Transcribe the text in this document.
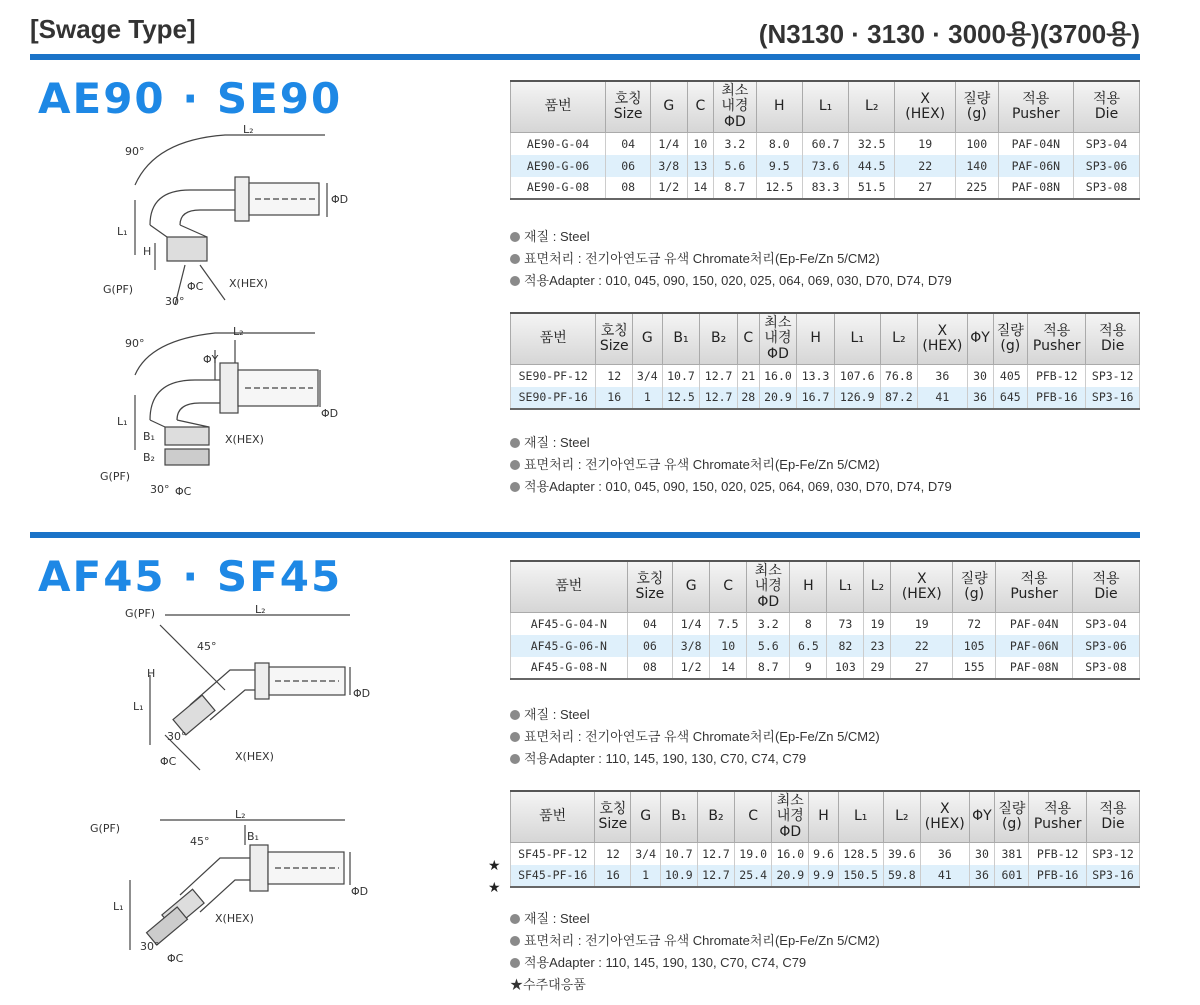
[Swage Type]	(N3130 · 3130 · 3000용)(3700용)
AE90 · SE90
L₂
ΦD
L₁
H
G(PF)	ΦC X(HEX)
90°
30°
품번	호칭
Size	G	C	최소
내경
ΦD	H	L₁	L₂	X
(HEX)	질량
(g)	적용
Pusher	적용
Die
AE90-G-04	04	1/4	10	3.2	8.0	60.7	32.5	19	100	PAF-04N	SP3-04
AE90-G-06	06	3/8	13	5.6	9.5	73.6	44.5	22	140	PAF-06N	SP3-06
AE90-G-08	08	1/2	14	8.7	12.5	83.3	51.5	27	225	PAF-08N	SP3-08
재질 : Steel
표면처리 : 전기아연도금 유색 Chromate처리(Ep-Fe/Zn 5/CM2)
적용Adapter : 010, 045, 090, 150, 020, 025, 064, 069, 030, D70, D74, D79
L₂
ΦY
ΦD
L₁
B₁
B₂
X(HEX)
G(PF)
30° ΦC
90°	품번	호칭
Size	G	B₁	B₂	C	최소
내경
ΦD	H	L₁	L₂	X
(HEX)	ΦY	질량
(g)	적용
Pusher	적용
Die
SE90-PF-12	12	3/4	10.7	12.7	21	16.0	13.3	107.6	76.8	36	30	405	PFB-12	SP3-12
SE90-PF-16	16	1	12.5	12.7	28	20.9	16.7	126.9	87.2	41	36	645	PFB-16	SP3-16
재질 : Steel
표면처리 : 전기아연도금 유색 Chromate처리(Ep-Fe/Zn 5/CM2)
적용Adapter : 010, 045, 090, 150, 020, 025, 064, 069, 030, D70, D74, D79
AF45 · SF45
G(PF)	L₂
ΦD
L₁
H
X(HEX)
30°
45°
ΦC
품번	호칭
Size	G	C	최소
내경
ΦD	H	L₁	L₂	X
(HEX)	질량
(g)	적용
Pusher	적용
Die
AF45-G-04-N	04	1/4	7.5	3.2	8	73	19	19	72	PAF-04N	SP3-04
AF45-G-06-N	06	3/8	10	5.6	6.5	82	23	22	105	PAF-06N	SP3-06
AF45-G-08-N	08	1/2	14	8.7	9	103	29	27	155	PAF-08N	SP3-08
재질 : Steel
표면처리 : 전기아연도금 유색 Chromate처리(Ep-Fe/Zn 5/CM2)
적용Adapter : 110, 145, 190, 130, C70, C74, C79
G(PF)
L₂
B₁
ΦD
L₁
X(HEX)
30°
45°
ΦC
품번	호칭
Size	G	B₁	B₂	C	최소
내경
ΦD	H	L₁	L₂	X
(HEX)	ΦY	질량
(g)	적용
Pusher	적용
Die
SF45-PF-12	12	3/4	10.7	12.7	19.0	16.0	9.6	128.5	39.6	36	30	381	PFB-12	SP3-12
SF45-PF-16	16	1	10.9	12.7	25.4	20.9	9.9	150.5	59.8	41	36	601	PFB-16	SP3-16
★
★
재질 : Steel
표면처리 : 전기아연도금 유색 Chromate처리(Ep-Fe/Zn 5/CM2)
적용Adapter : 110, 145, 190, 130, C70, C74, C79
★수주대응품
